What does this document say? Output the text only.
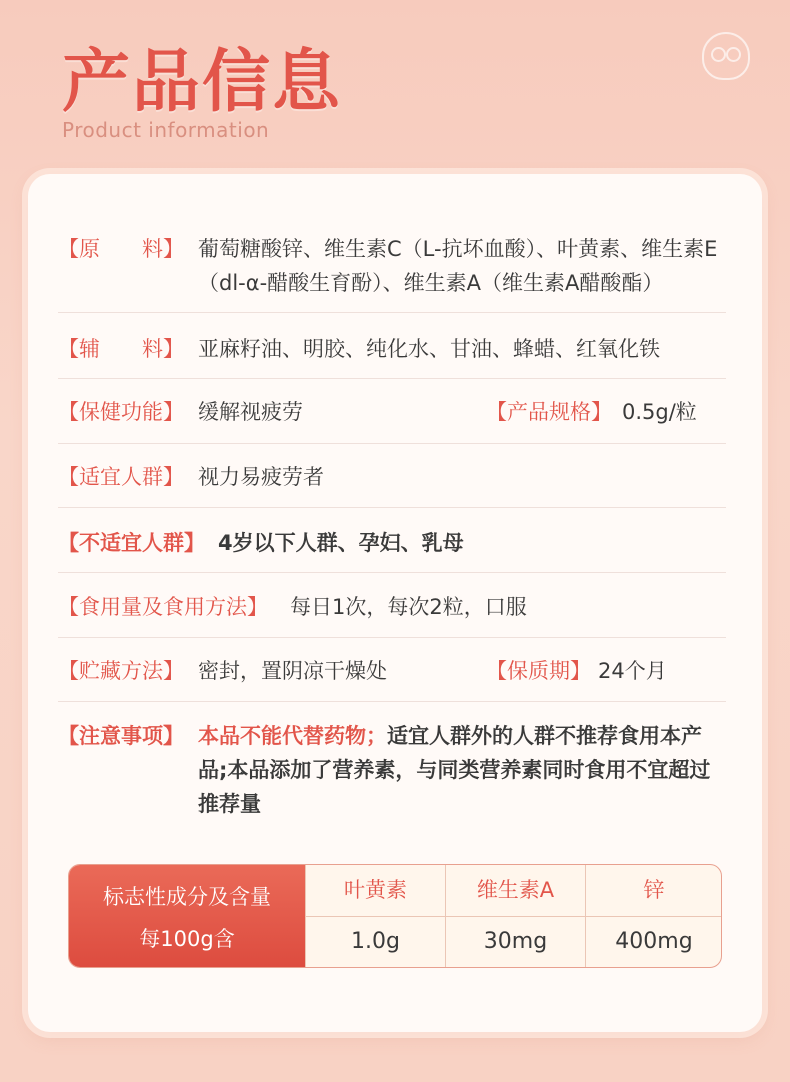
产品信息
Product information
【原　　料】 葡萄糖酸锌、维生素C（L-抗坏血酸）、叶黄素、维生素E（dl-α-醋酸生育酚）、维生素A（维生素A醋酸酯）
【辅　　料】 亚麻籽油、明胶、纯化水、甘油、蜂蜡、红氧化铁
【保健功能】 缓解视疲劳	【产品规格】 0.5g/粒
【适宜人群】 视力易疲劳者
【不适宜人群】 4岁以下人群、孕妇、乳母
【食用量及食用方法】 每日1次，每次2粒，口服
【贮藏方法】 密封，置阴凉干燥处	【保质期】 24个月
【注意事项】 本品不能代替药物；适宜人群外的人群不推荐食用本产品;本品添加了营养素，与同类营养素同时食用不宜超过推荐量
标志性成分及含量
每100g含
叶黄素
1.0g
维生素A
30mg
锌
400mg
